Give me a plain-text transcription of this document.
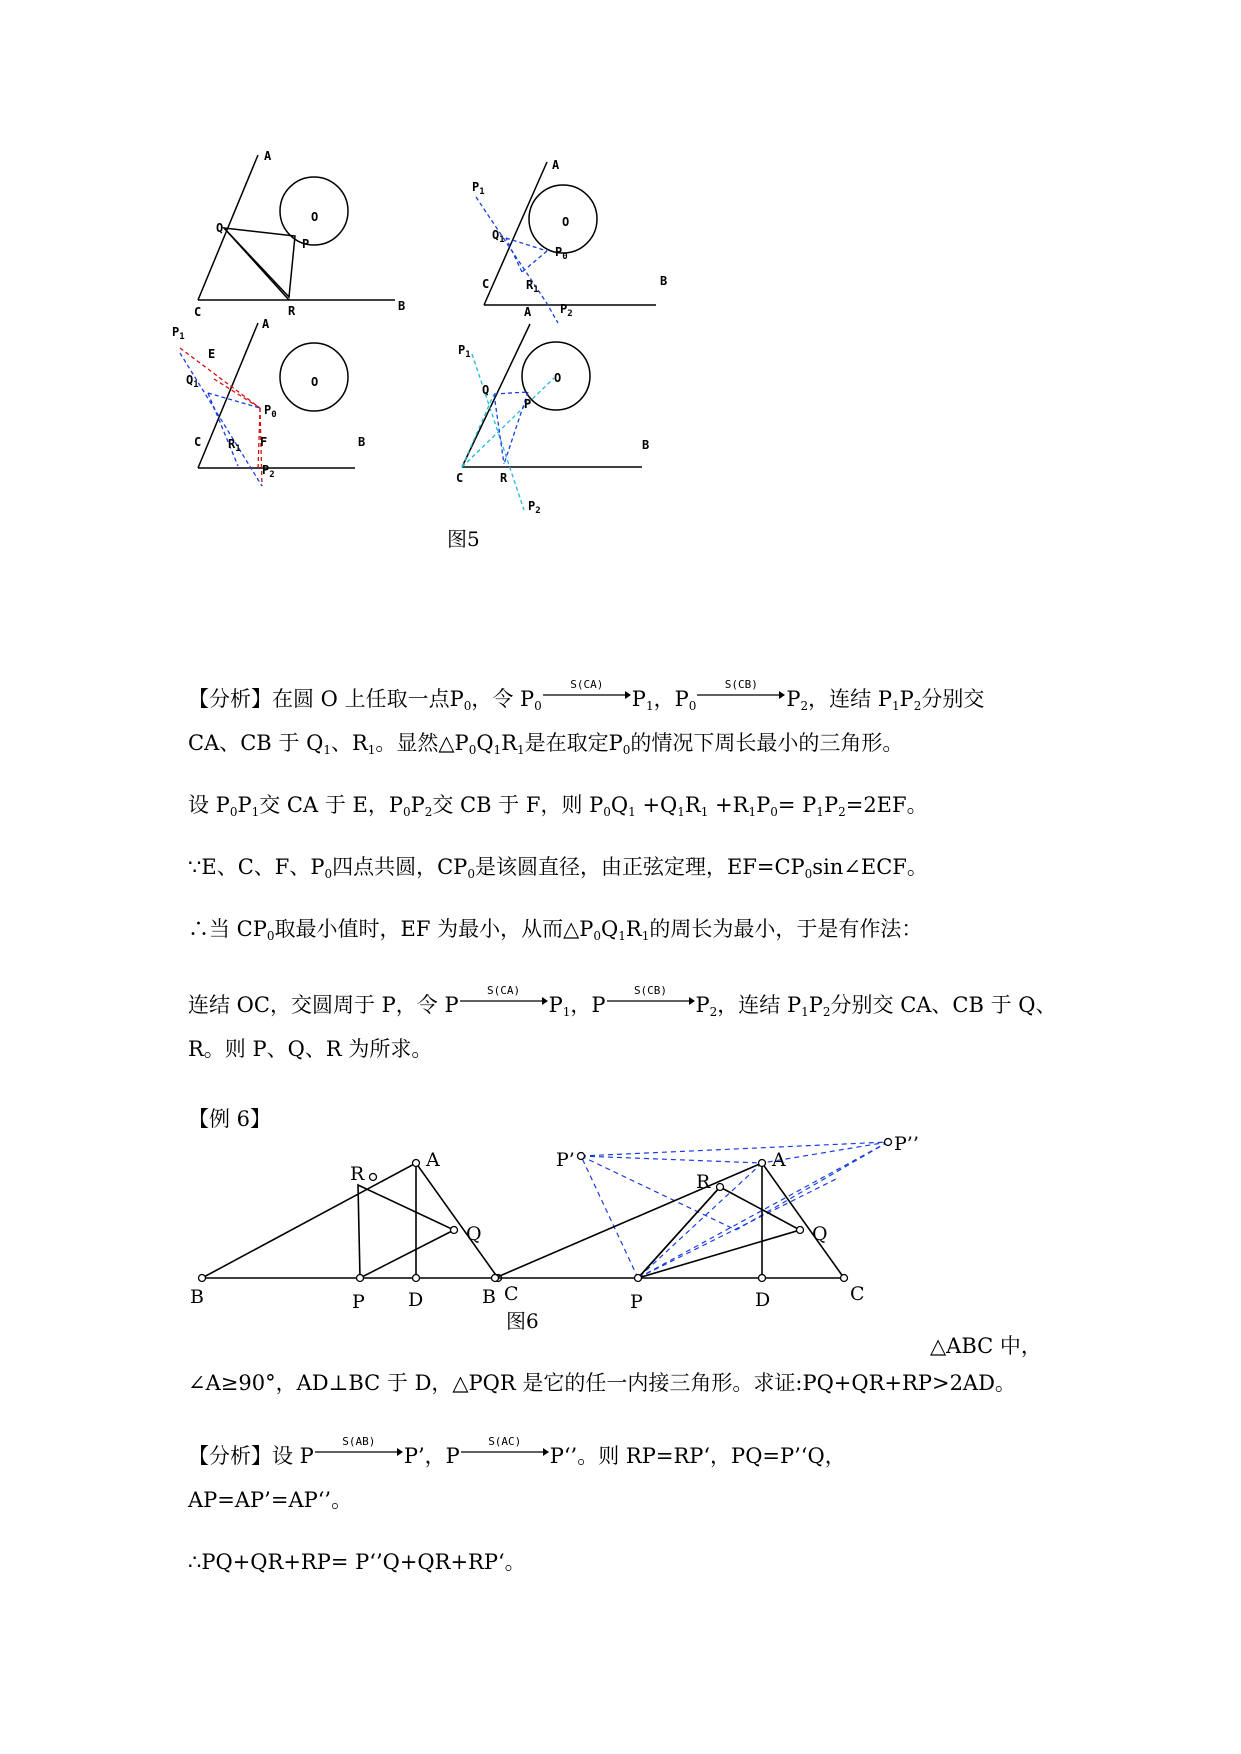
A
B
C
O
P
Q
R
A
B
C
O
$P_1$
$P_0$
$P_2$
$Q_1$
$R_1$
A
B
C
O
E
F
$P_1$
$P_0$
$P_2$
$Q_1$
$R_1$
A
B
C
O
P
Q
R
$P_1$
$P_2$
图5
【分析】在圆 O 上任取一点$P_0$，令 $P_0$
S(CA)
$P_1$，$P_0$
S(CB)
$P_2$，连结 $P_1P_2$分别交
CA、CB 于 $Q_1$、$R_1$。显然$\triangle P_0Q_1R_1$是在取定$P_0$的情况下周长最小的三角形。
设 $P_0P_1$交 CA 于 E，$P_0P_2$交 CB 于 F，则 $P_0Q_1 +Q_1R_1 +R_1P_0= P_1P_2=2EF$。
∵E、C、F、$P_0$四点共圆，$CP_0$是该圆直径，由正弦定理，$EF=CP_0\sin\angle ECF$。
∴当 $CP_0$取最小值时，EF 为最小，从而$\triangle P_0Q_1R_1$的周长为最小，于是有作法：
连结 OC，交圆周于 P，令 P
S(CA)
$P_1$，P
S(CB)
$P_2$，连结 $P_1P_2$分别交 CA、CB 于 Q、
R。则 P、Q、R 为所求。
【例 6】
A
B	C
D
P
Q
R
A
B	C
D
P
Q
R
P’
P’’
图6
△ABC 中，
∠A≥90°，AD⊥BC 于 D，△PQR 是它的任一内接三角形。求证:PQ+QR+RP>2AD。
【分析】设 P
S(AB)
P’，P
S(AC)
P‘’。则 RP=RP‘，PQ=P’‘Q，
AP=AP’=AP‘’。
∴PQ+QR+RP= P‘’Q+QR+RP‘。
